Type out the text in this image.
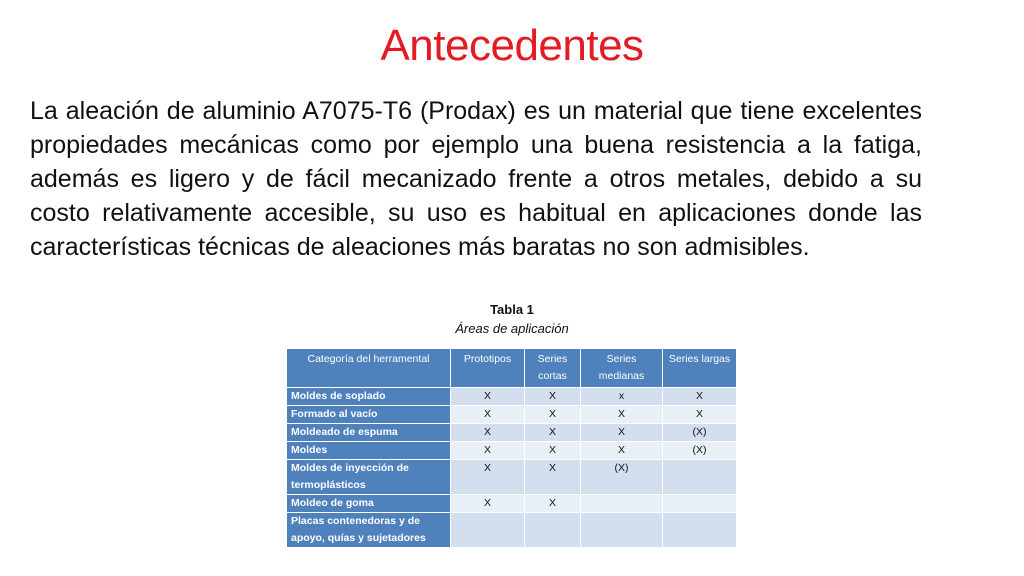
Antecedentes

La aleación de aluminio A7075-T6 (Prodax) es un material que tiene excelentes propiedades mecánicas como por ejemplo una buena resistencia a la fatiga, además es ligero y de fácil mecanizado frente a otros metales, debido a su costo relativamente accesible, su uso es habitual en aplicaciones donde las características técnicas de aleaciones más baratas no son admisibles.

Tabla 1
Áreas de aplicación
Categoría del herramental	Prototipos	Series cortas	Series medianas	Series largas
Moldes de soplado	X	X	x	X
Formado al vacío	X	X	X	X
Moldeado de espuma	X	X	X	(X)
Moldes	X	X	X	(X)
Moldes de inyección de termoplásticos	X	X	(X)	
Moldeo de goma	X	X		
Placas contenedoras y de apoyo, quías y sujetadores				
